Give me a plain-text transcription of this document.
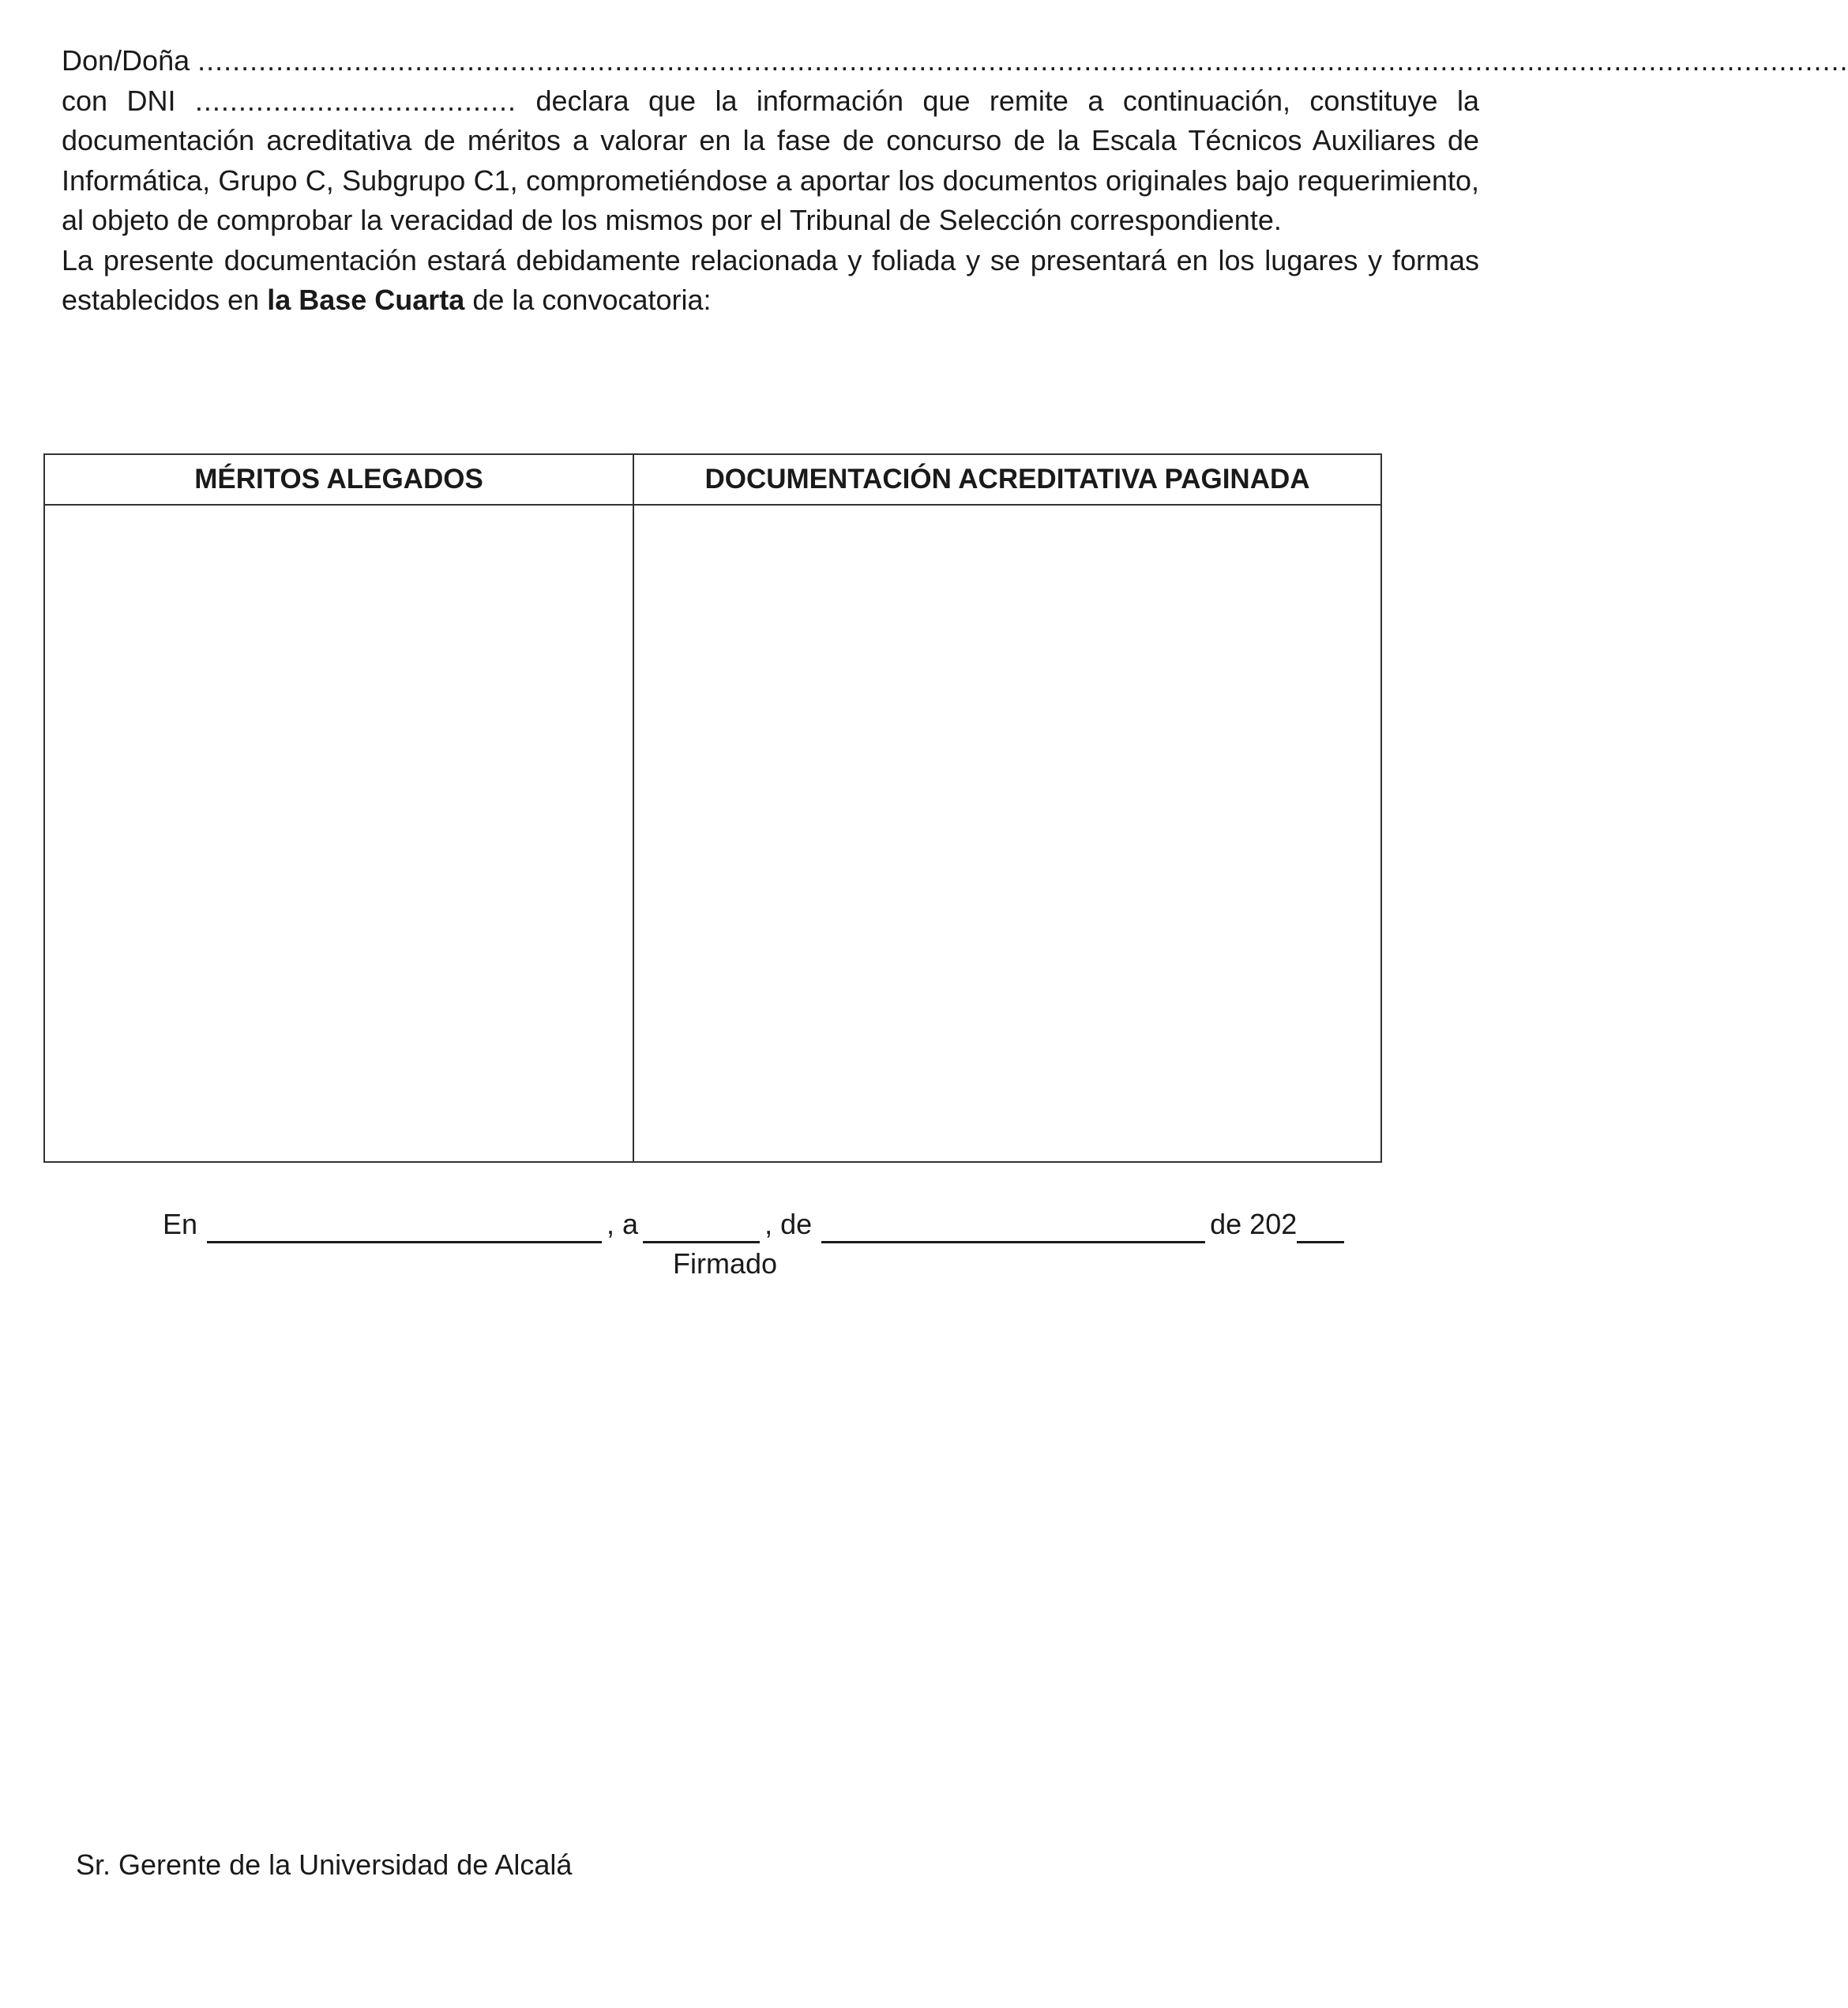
Don/Doña ..............................................................................................................................................................................................

con DNI ..................................... declara que la información que remite a continuación, constituye la documentación acreditativa de méritos a valorar en la fase de concurso de la Escala Técnicos Auxiliares de Informática, Grupo C, Subgrupo C1, comprometiéndose a aportar los documentos originales bajo requerimiento, al objeto de comprobar la veracidad de los mismos por el Tribunal de Selección correspondiente.

La presente documentación estará debidamente relacionada y foliada y se presentará en los lugares y formas establecidos en la Base Cuarta de la convocatoria:

MÉRITOS ALEGADOS	DOCUMENTACIÓN ACREDITATIVA PAGINADA

En	, a	, de	de 202
Firmado
Sr. Gerente de la Universidad de Alcalá
